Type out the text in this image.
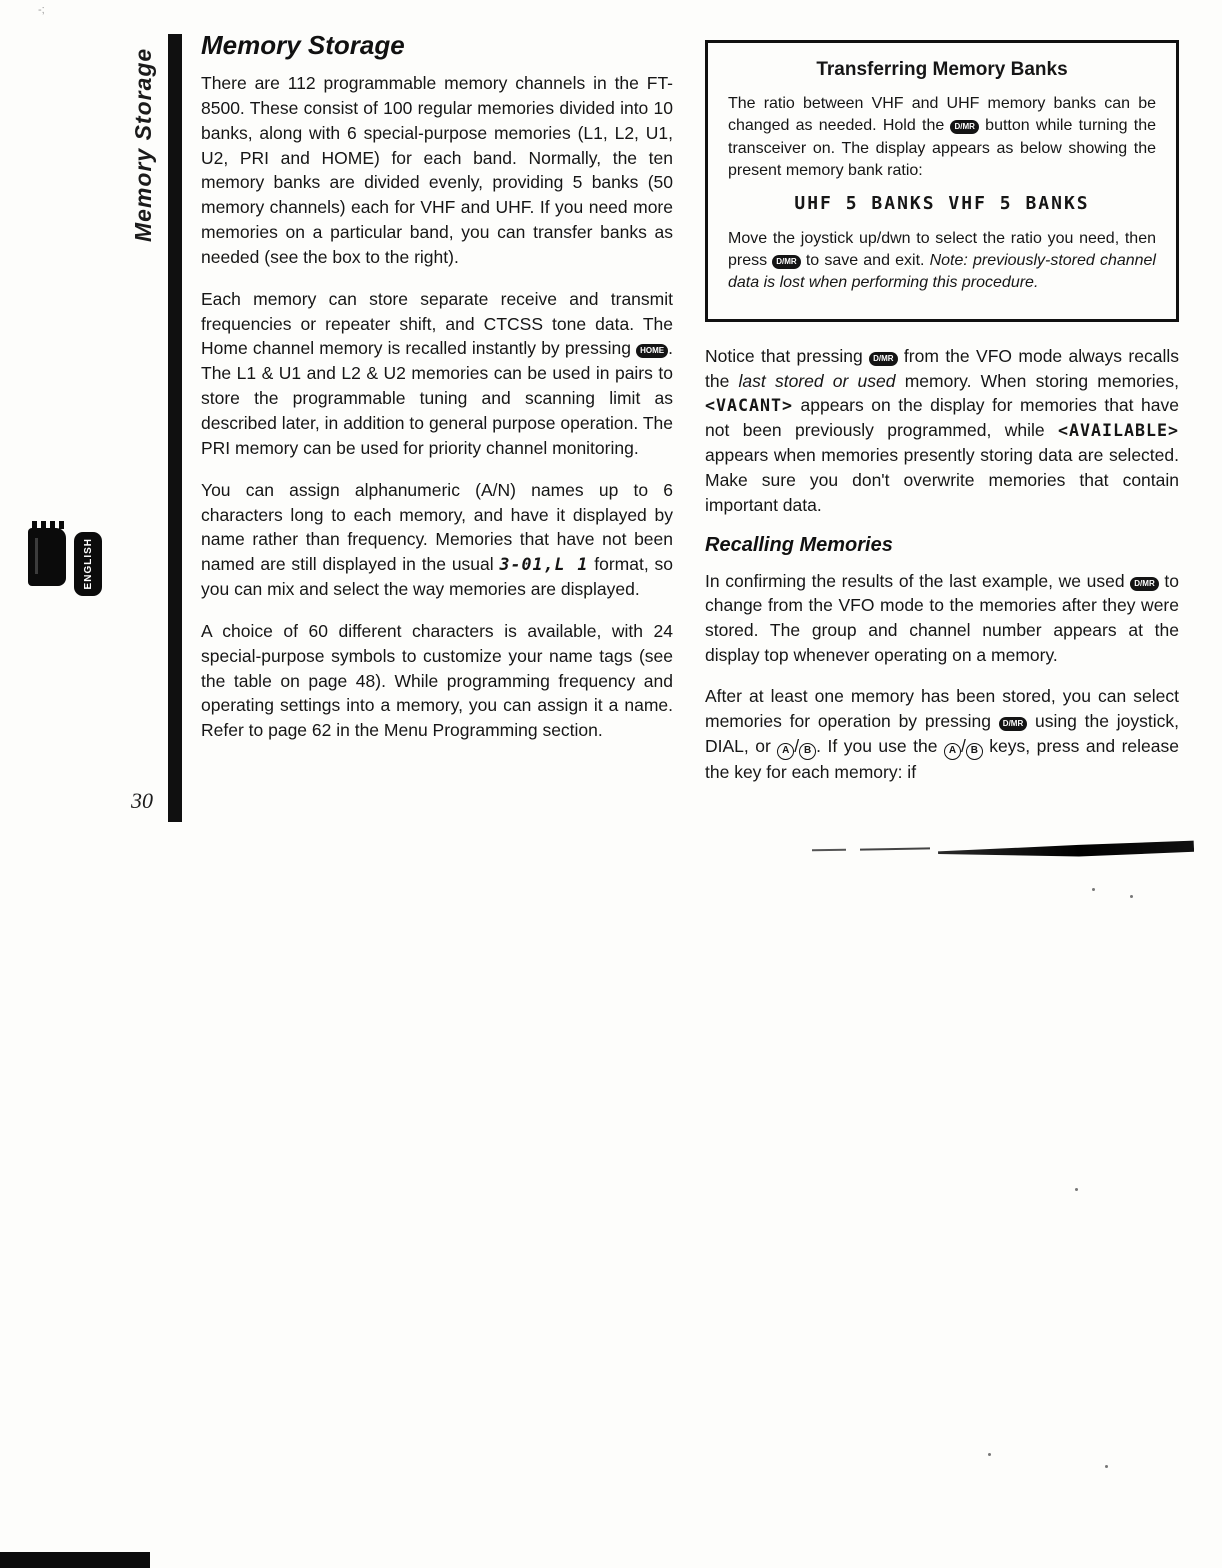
-;
Memory Storage
30
ENGLISH
Memory Storage

There are 112 programmable memory channels in the FT-8500. These consist of 100 regular memories divided into 10 banks, along with 6 special-purpose memories (L1, L2, U1, U2, PRI and HOME) for each band. Normally, the ten memory banks are divided evenly, providing 5 banks (50 memory channels) each for VHF and UHF. If you need more memories on a particular band, you can transfer banks as needed (see the box to the right).

Each memory can store separate receive and transmit frequencies or repeater shift, and CTCSS tone data. The Home channel memory is recalled instantly by pressing HOME . The L1 & U1 and L2 & U2 memories can be used in pairs to store the programmable tuning and scanning limit as described later, in addition to general purpose operation. The PRI memory can be used for priority channel monitoring.

You can assign alphanumeric (A/N) names up to 6 characters long to each memory, and have it displayed by name rather than frequency. Memories that have not been named are still displayed in the usual 3-01,L 1 format, so you can mix and select the way memories are displayed.

A choice of 60 different characters is available, with 24 special-purpose symbols to customize your name tags (see the table on page 48). While programming frequency and operating settings into a memory, you can assign it a name. Refer to page 62 in the Menu Programming section.

Transferring Memory Banks

The ratio between VHF and UHF memory banks can be changed as needed. Hold the D/MR button while turning the transceiver on. The display appears as below showing the present memory bank ratio:

UHF 5 BANKS VHF 5 BANKS

Move the joystick up/dwn to select the ratio you need, then press D/MR to save and exit. Note: previously-stored channel data is lost when performing this procedure.

Notice that pressing D/MR from the VFO mode always recalls the last stored or used memory. When storing memories, <VACANT> appears on the display for memories that have not been previously programmed, while <AVAILABLE> appears when memories presently storing data are selected. Make sure you don't overwrite memories that contain important data.

Recalling Memories

In confirming the results of the last example, we used D/MR to change from the VFO mode to the memories after they were stored. The group and channel number appears at the display top whenever operating on a memory.

After at least one memory has been stored, you can select memories for operation by pressing D/MR using the joystick, DIAL, or A / B . If you use the A / B keys, press and release the key for each memory: if
